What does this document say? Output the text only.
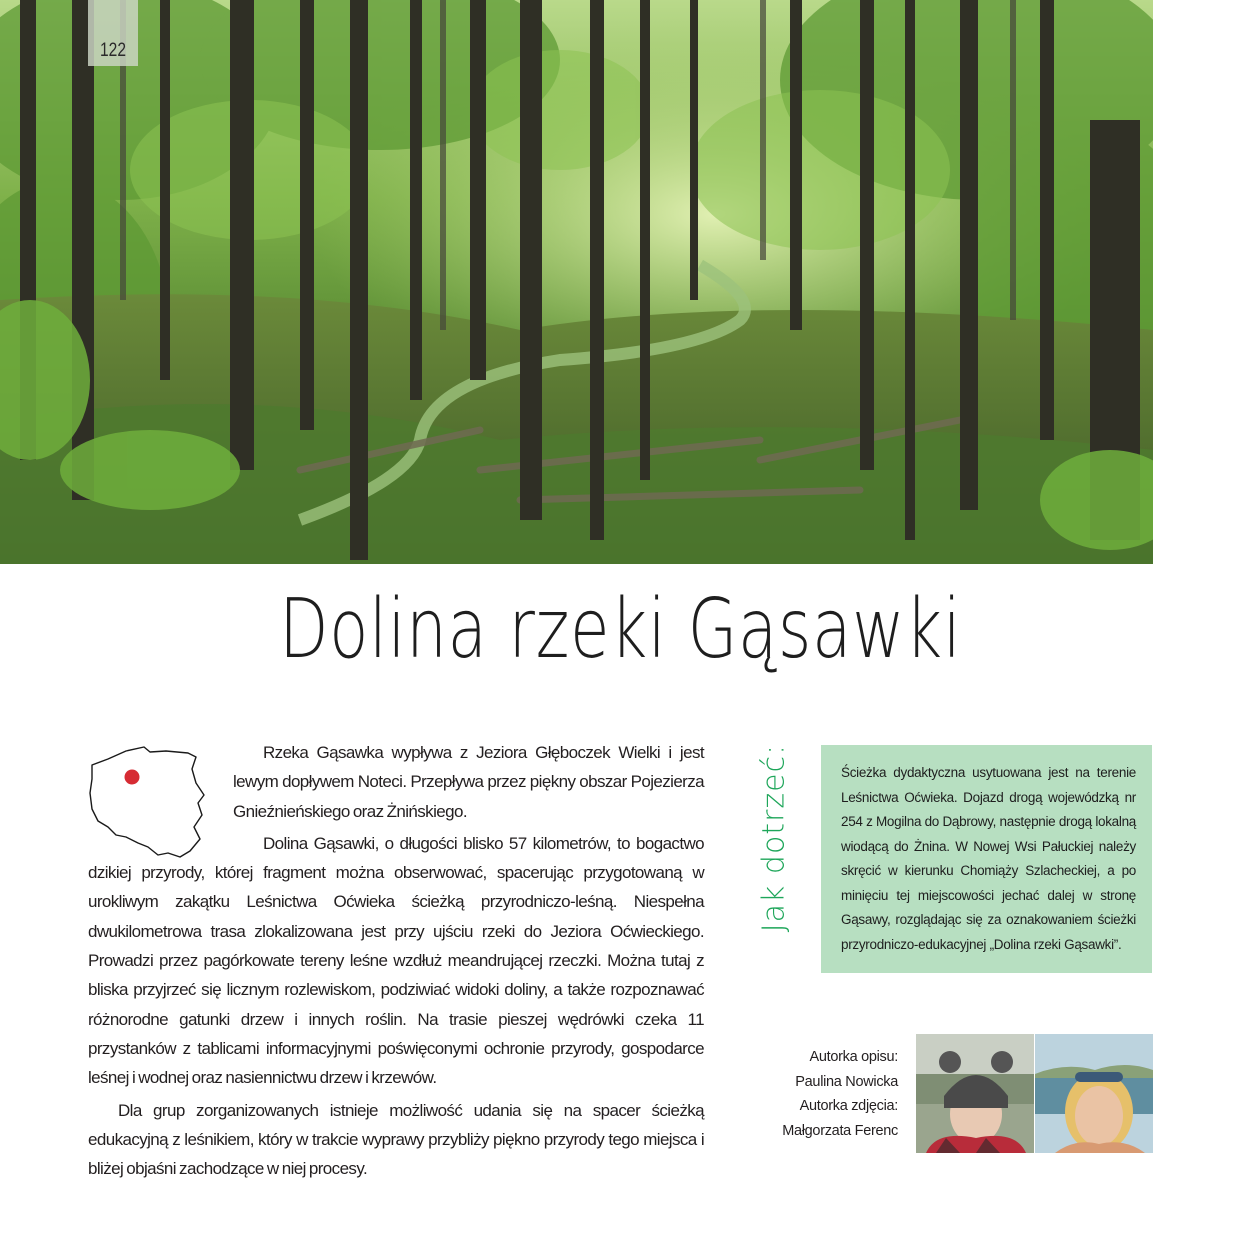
122
Dolina rzeki Gąsawki

Rzeka Gąsawka wypływa z Jeziora Głęboczek Wielki i jest lewym dopływem Noteci. Przepływa przez piękny obszar Pojezierza Gnieźnieńskiego oraz Żnińskiego.

Dolina Gąsawki, o długości blisko 57 kilometrów, to bogactwo dzikiej przyrody, której fragment można obserwować, spacerując przygotowaną w urokliwym zakątku Leśnictwa Oćwieka ścieżką przyrodniczo-leśną. Niespełna dwukilometrowa trasa zlokalizowana jest przy ujściu rzeki do Jeziora Oćwieckiego. Prowadzi przez pagórkowate tereny leśne wzdłuż meandrującej rzeczki. Można tutaj z bliska przyjrzeć się licznym rozlewiskom, podziwiać widoki doliny, a także rozpoznawać różnorodne gatunki drzew i innych roślin. Na trasie pieszej wędrówki czeka 11 przystanków z tablicami informacyjnymi poświęconymi ochronie przyrody, gospodarce leśnej i wodnej oraz nasiennictwu drzew i krzewów.

Dla grup zorganizowanych istnieje możliwość udania się na spacer ścieżką edukacyjną z leśnikiem, który w trakcie wyprawy przybliży piękno przyrody tego miejsca i bliżej objaśni zachodzące w niej procesy.

Jak dotrzeć:	Ścieżka dydaktyczna usytuowana jest na terenie Leśnictwa Oćwieka. Dojazd drogą wojewódzką nr 254 z Mogilna do Dąbrowy, następnie drogą lokalną wiodącą do Żnina. W Nowej Wsi Pałuckiej należy skręcić w kierunku Chomiąży Szlacheckiej, a po minięciu tej miejscowości jechać dalej w stronę Gąsawy, rozglądając się za oznakowaniem ścieżki przyrodniczo-edukacyjnej „Dolina rzeki Gąsawki”.
Autorka opisu:
Paulina Nowicka
Autorka zdjęcia:
Małgorzata Ferenc
